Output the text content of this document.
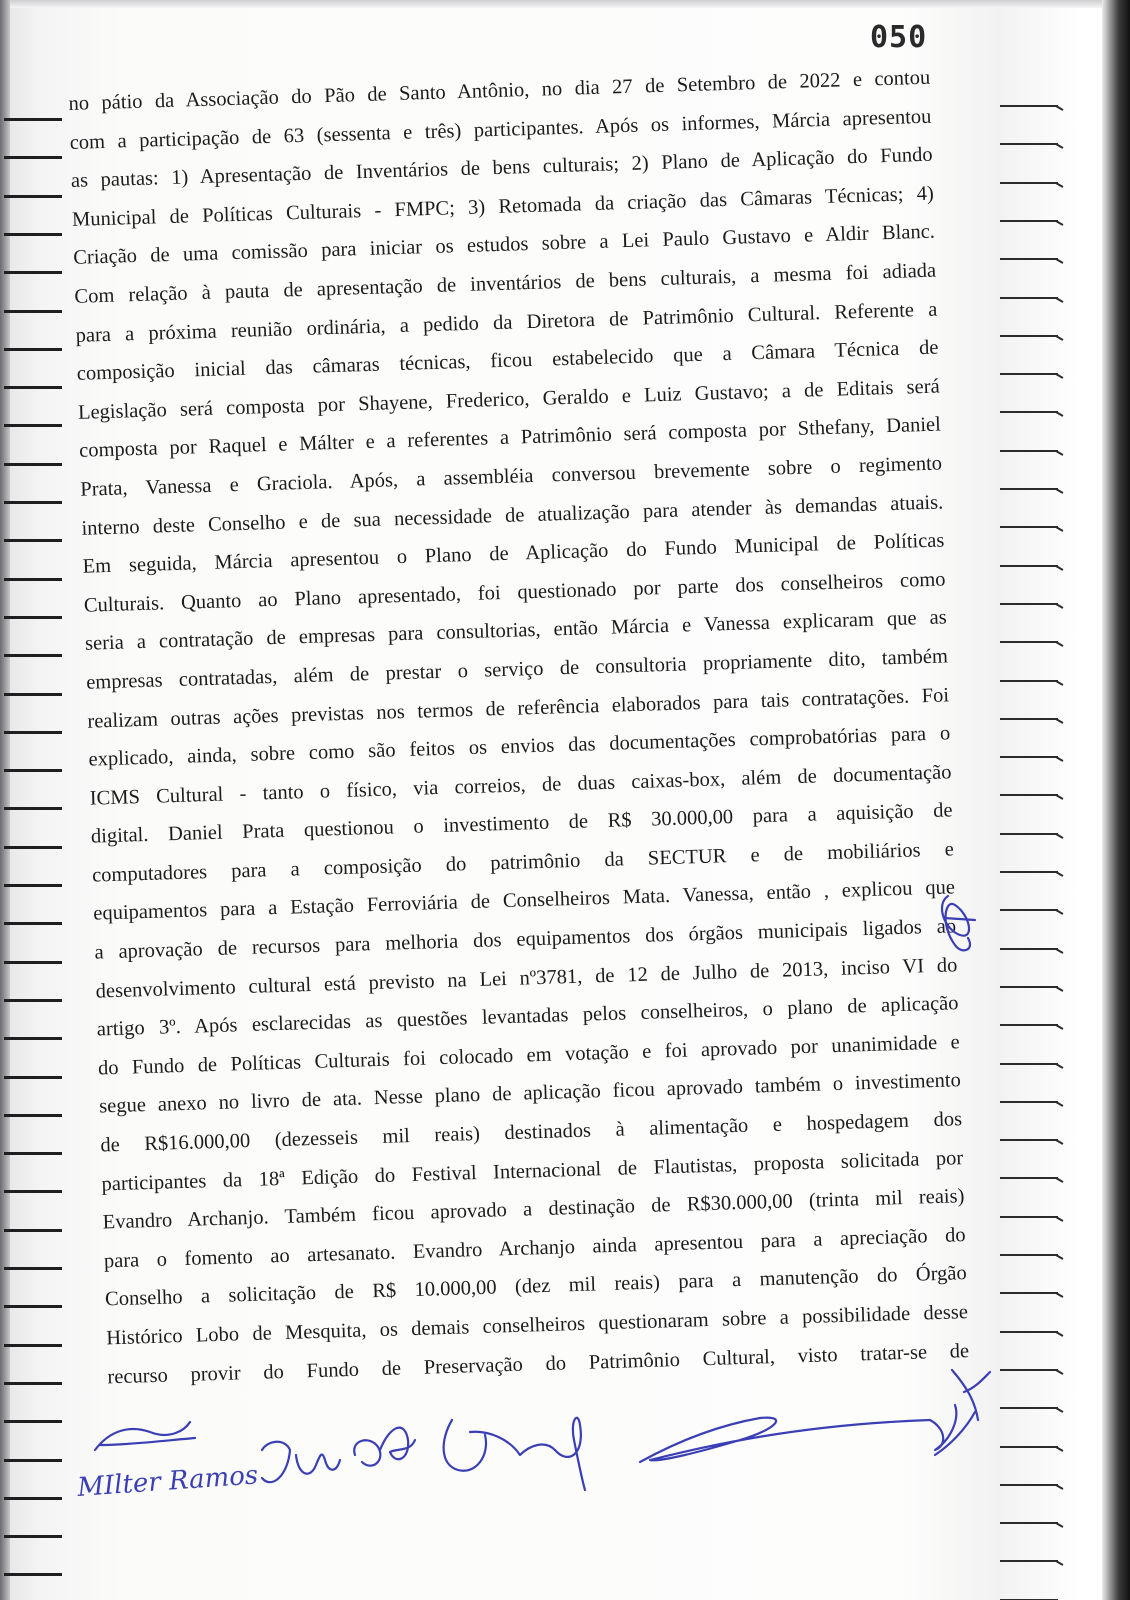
050
no pátio da Associação do Pão de Santo Antônio, no dia 27 de Setembro de 2022 e contou
com a participação de 63 (sessenta e três) participantes. Após os informes, Márcia apresentou
as pautas: 1) Apresentação de Inventários de bens culturais; 2) Plano de Aplicação do Fundo
Municipal de Políticas Culturais - FMPC; 3) Retomada da criação das Câmaras Técnicas; 4)
Criação de uma comissão para iniciar os estudos sobre a Lei Paulo Gustavo e Aldir Blanc.
Com relação à pauta de apresentação de inventários de bens culturais, a mesma foi adiada
para a próxima reunião ordinária, a pedido da Diretora de Patrimônio Cultural. Referente a
composição inicial das câmaras técnicas, ficou estabelecido que a Câmara Técnica de
Legislação será composta por Shayene, Frederico, Geraldo e Luiz Gustavo; a de Editais será
composta por Raquel e Málter e a referentes a Patrimônio será composta por Sthefany, Daniel
Prata, Vanessa e Graciola. Após, a assembléia conversou brevemente sobre o regimento
interno deste Conselho e de sua necessidade de atualização para atender às demandas atuais.
Em seguida, Márcia apresentou o Plano de Aplicação do Fundo Municipal de Políticas
Culturais. Quanto ao Plano apresentado, foi questionado por parte dos conselheiros como
seria a contratação de empresas para consultorias, então Márcia e Vanessa explicaram que as
empresas contratadas, além de prestar o serviço de consultoria propriamente dito, também
realizam outras ações previstas nos termos de referência elaborados para tais contratações. Foi
explicado, ainda, sobre como são feitos os envios das documentações comprobatórias para o
ICMS Cultural - tanto o físico, via correios, de duas caixas-box, além de documentação
digital. Daniel Prata questionou o investimento de R$ 30.000,00 para a aquisição de
computadores para a composição do patrimônio da SECTUR e de mobiliários e
equipamentos para a Estação Ferroviária de Conselheiros Mata. Vanessa, então , explicou que
a aprovação de recursos para melhoria dos equipamentos dos órgãos municipais ligados ao
desenvolvimento cultural está previsto na Lei nº3781, de 12 de Julho de 2013, inciso VI do
artigo 3º. Após esclarecidas as questões levantadas pelos conselheiros, o plano de aplicação
do Fundo de Políticas Culturais foi colocado em votação e foi aprovado por unanimidade e
segue anexo no livro de ata. Nesse plano de aplicação ficou aprovado também o investimento
de R$16.000,00 (dezesseis mil reais) destinados à alimentação e hospedagem dos
participantes da 18ª Edição do Festival Internacional de Flautistas, proposta solicitada por
Evandro Archanjo. Também ficou aprovado a destinação de R$30.000,00 (trinta mil reais)
para o fomento ao artesanato. Evandro Archanjo ainda apresentou para a apreciação do
Conselho a solicitação de R$ 10.000,00 (dez mil reais) para a manutenção do Órgão
Histórico Lobo de Mesquita, os demais conselheiros questionaram sobre a possibilidade desse
recurso provir do Fundo de Preservação do Patrimônio Cultural, visto tratar-se de
MIlter Ramos
